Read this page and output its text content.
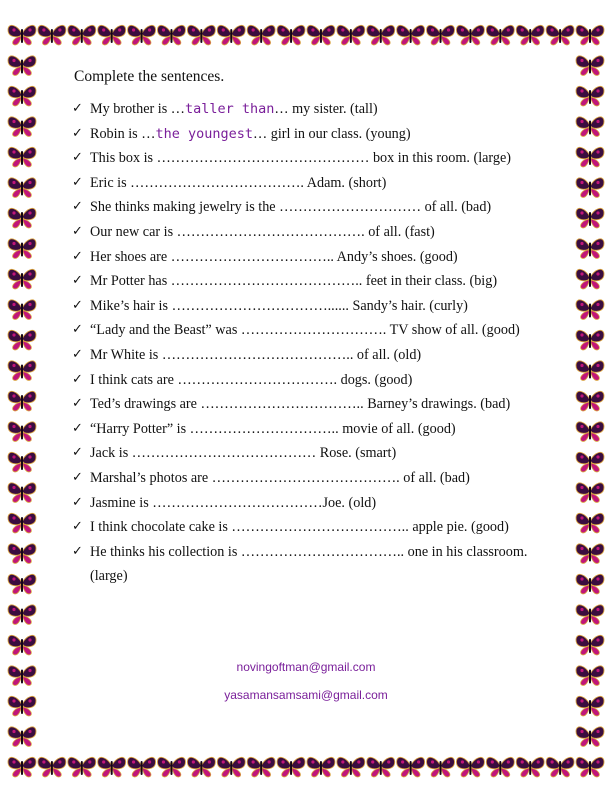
Complete the sentences.
✓ My brother is …taller than… my sister. (tall)
✓ Robin is …the youngest… girl in our class. (young)
✓ This box is ……………………………………… box in this room. (large)
✓ Eric is ………………………………. Adam. (short)
✓ She thinks making jewelry is the ………………………… of all. (bad)
✓ Our new car is …………………………………. of all. (fast)
✓ Her shoes are …………………………….. Andy’s shoes. (good)
✓ Mr Potter has ………………………………….. feet in their class. (big)
✓ Mike’s hair is ……………………………...... Sandy’s hair. (curly)
✓ “Lady and the Beast” was …………………………. TV show of all. (good)
✓ Mr White is ………………………………….. of all. (old)
✓ I think cats are ……………………………. dogs. (good)
✓ Ted’s drawings are …………………………….. Barney’s drawings. (bad)
✓ “Harry Potter” is ………………………….. movie of all. (good)
✓ Jack is ………………………………… Rose. (smart)
✓ Marshal’s photos are …………………………………. of all. (bad)
✓ Jasmine is ………………………………Joe. (old)
✓ I think chocolate cake is ……………………………….. apple pie. (good)
✓ He thinks his collection is …………………………….. one in his classroom. (large)
novingoftman@gmail.com
yasamansamsami@gmail.com
